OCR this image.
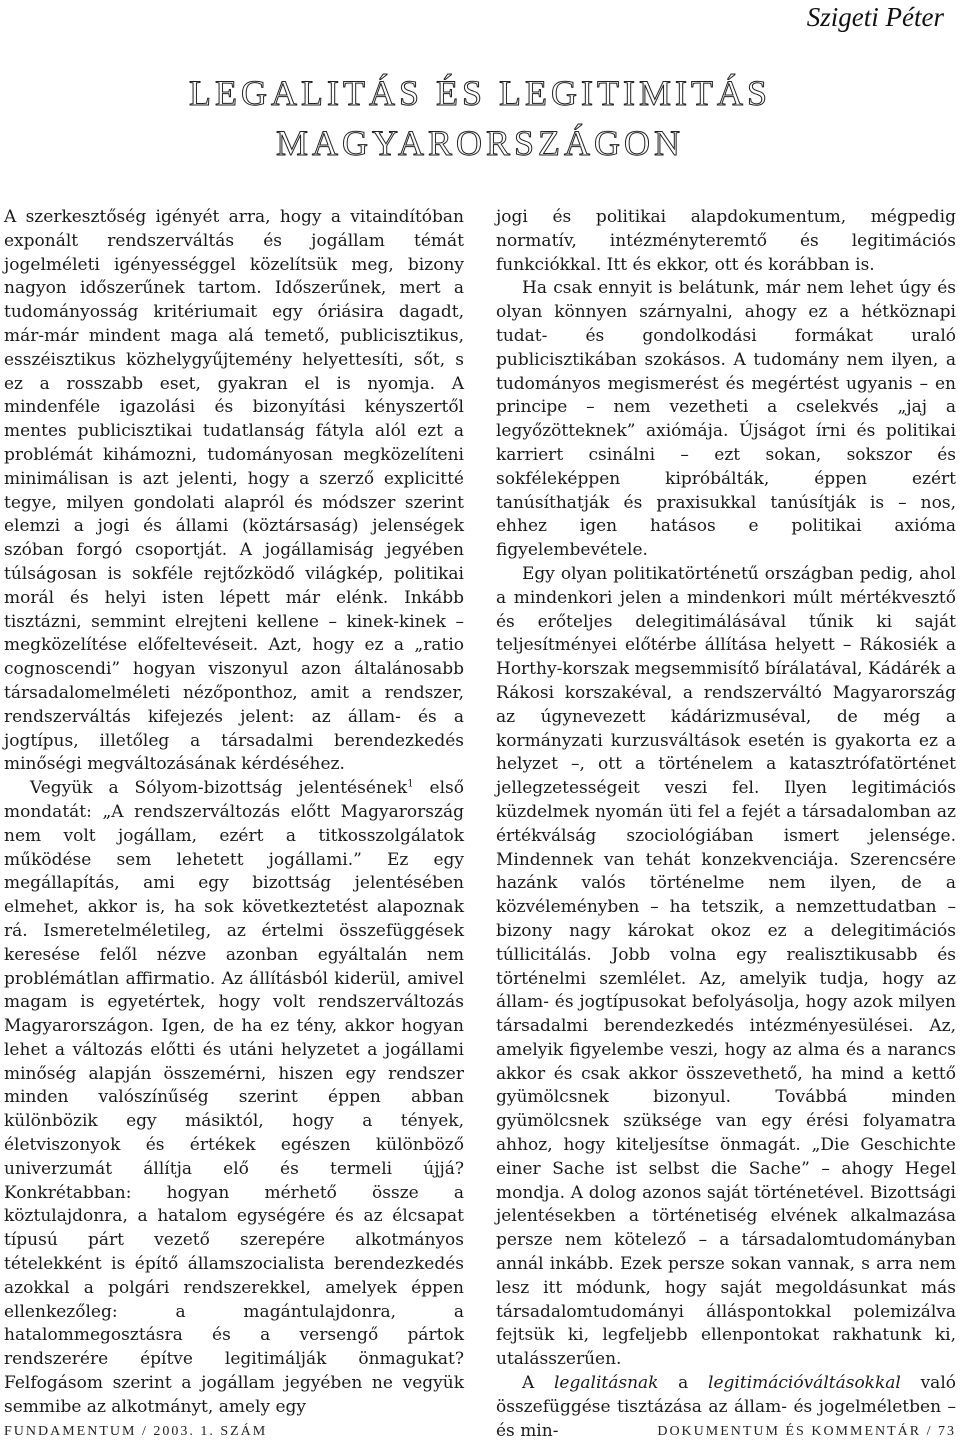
Szigeti Péter
LEGALITÁS ÉS LEGITIMITÁS
MAGYARORSZÁGON

A szerkesztőség igényét arra, hogy a vitaindítóban exponált rendszerváltás és jogállam témát jogelméleti igényességgel közelítsük meg, bizony nagyon időszerűnek tartom. Időszerűnek, mert a tudományosság kritériumait egy óriásira dagadt, már-már mindent maga alá temető, publicisztikus, esszéisztikus közhelygyűjtemény helyettesíti, sőt, s ez a rosszabb eset, gyakran el is nyomja. A mindenféle igazolási és bizonyítási kényszertől mentes publicisztikai tudatlanság fátyla alól ezt a problémát kihámozni, tudományosan megközelíteni minimálisan is azt jelenti, hogy a szerző explicitté tegye, milyen gondolati alapról és módszer szerint elemzi a jogi és állami (köztársaság) jelenségek szóban forgó csoportját. A jogállamiság jegyében túlságosan is sokféle rejtőzködő világkép, politikai morál és helyi isten lépett már elénk. Inkább tisztázni, semmint elrejteni kellene – kinek-kinek – megközelítése előfeltevéseit. Azt, hogy ez a „ratio cognoscendi” hogyan viszonyul azon általánosabb társadalomelméleti nézőponthoz, amit a rendszer, rendszerváltás kifejezés jelent: az állam- és a jogtípus, illetőleg a társadalmi berendezkedés minőségi megváltozásának kérdéséhez.

Vegyük a Sólyom-bizottság jelentésének$^1$ első mondatát: „A rendszerváltozás előtt Magyarország nem volt jogállam, ezért a titkosszolgálatok működése sem lehetett jogállami.” Ez egy megállapítás, ami egy bizottság jelentésében elmehet, akkor is, ha sok következtetést alapoznak rá. Ismeretelméletileg, az értelmi összefüggések keresése felől nézve azonban egyáltalán nem problémátlan affirmatio. Az állításból kiderül, amivel magam is egyetértek, hogy volt rendszerváltozás Magyarországon. Igen, de ha ez tény, akkor hogyan lehet a változás előtti és utáni helyzetet a jogállami minőség alapján összemérni, hiszen egy rendszer minden valószínűség szerint éppen abban különbözik egy másiktól, hogy a tények, életviszonyok és értékek egészen különböző univerzumát állítja elő és termeli újjá? Konkrétabban: hogyan mérhető össze a köztulajdonra, a hatalom egységére és az élcsapat típusú párt vezető szerepére alkotmányos tételekként is építő államszocialista berendezkedés azokkal a polgári rendszerekkel, amelyek éppen ellenkezőleg: a magántulajdonra, a hatalommegosztásra és a versengő pártok rendszerére építve legitimálják önmagukat? Felfogásom szerint a jogállam jegyében ne vegyük semmibe az alkotmányt, amely egy

jogi és politikai alapdokumentum, mégpedig normatív, intézményteremtő és legitimációs funkciókkal. Itt és ekkor, ott és korábban is.

Ha csak ennyit is belátunk, már nem lehet úgy és olyan könnyen szárnyalni, ahogy ez a hétköznapi tudat- és gondolkodási formákat uraló publicisztikában szokásos. A tudomány nem ilyen, a tudományos megismerést és megértést ugyanis – en principe – nem vezetheti a cselekvés „jaj a legyőzötteknek” axiómája. Újságot írni és politikai karriert csinálni – ezt sokan, sokszor és sokféleképpen kipróbálták, éppen ezért tanúsíthatják és praxisukkal tanúsítják is – nos, ehhez igen hatásos e politikai axióma figyelembevétele.

Egy olyan politikatörténetű országban pedig, ahol a mindenkori jelen a mindenkori múlt mértékvesztő és erőteljes delegitimálásával tűnik ki saját teljesítményei előtérbe állítása helyett – Rákosiék a Horthy-korszak megsemmisítő bírálatával, Kádárék a Rákosi korszakéval, a rendszerváltó Magyarország az úgynevezett kádárizmuséval, de még a kormányzati kurzusváltások esetén is gyakorta ez a helyzet –, ott a történelem a katasztrófatörténet jellegzetességeit veszi fel. Ilyen legitimációs küzdelmek nyomán üti fel a fejét a társadalomban az értékválság szociológiában ismert jelensége. Mindennek van tehát konzekvenciája. Szerencsére hazánk valós történelme nem ilyen, de a közvéleményben – ha tetszik, a nemzettudatban – bizony nagy károkat okoz ez a delegitimációs túllicitálás. Jobb volna egy realisztikusabb és történelmi szemlélet. Az, amelyik tudja, hogy az állam- és jogtípusokat befolyásolja, hogy azok milyen társadalmi berendezkedés intézményesülései. Az, amelyik figyelembe veszi, hogy az alma és a narancs akkor és csak akkor összevethető, ha mind a kettő gyümölcsnek bizonyul. Továbbá minden gyümölcsnek szüksége van egy érési folyamatra ahhoz, hogy kiteljesítse önmagát. „Die Geschichte einer Sache ist selbst die Sache” – ahogy Hegel mondja. A dolog azonos saját történetével. Bizottsági jelentésekben a történetiség elvének alkalmazása persze nem kötelező – a társadalomtudományban annál inkább. Ezek persze sokan vannak, s arra nem lesz itt módunk, hogy saját megoldásunkat más társadalomtudományi álláspontokkal polemizálva fejtsük ki, legfeljebb ellenpontokat rakhatunk ki, utalásszerűen.

A legalitásnak a legitimációváltásokkal való összefüggése tisztázása az állam- és jogelméletben – és min-

FUNDAMENTUM / 2003. 1. SZÁM	DOKUMENTUM ÉS KOMMENTÁR / 73
